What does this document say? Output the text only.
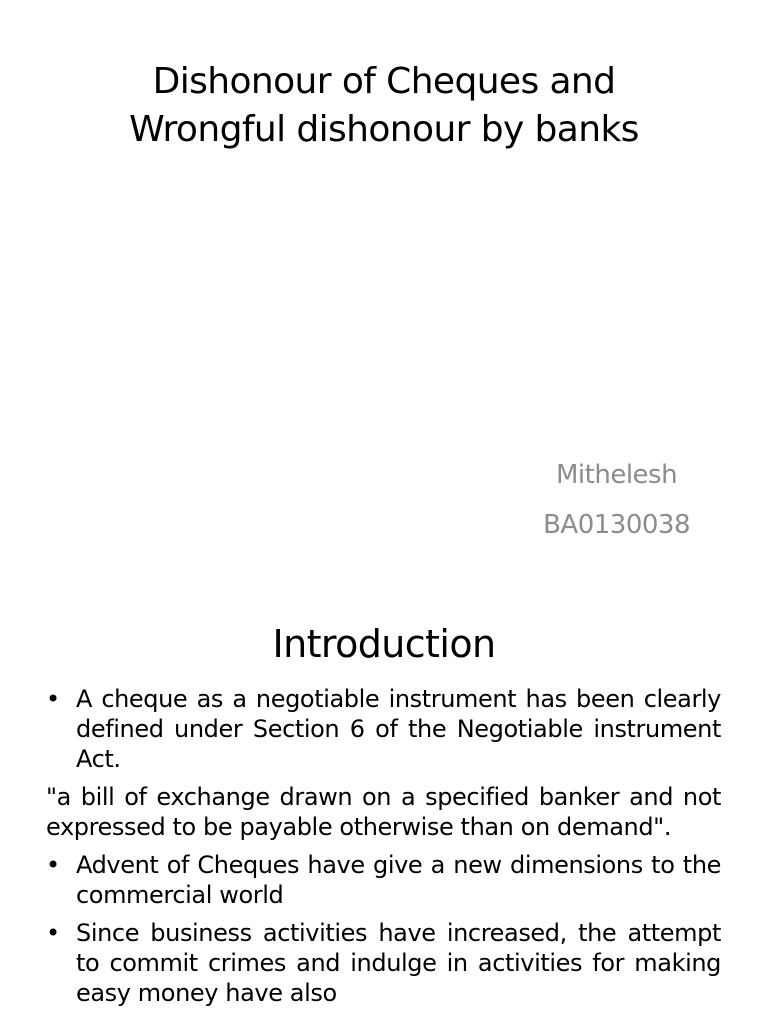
Dishonour of Cheques and
Wrongful dishonour by banks
Mithelesh
BA0130038
Introduction
• A cheque as a negotiable instrument has been clearly defined under Section 6 of the Negotiable instrument Act.
"a bill of exchange drawn on a specified banker and not expressed to be payable otherwise than on demand".
• Advent of Cheques have give a new dimensions to the commercial world
• Since business activities have increased, the attempt to commit crimes and indulge in activities for making easy money have also
